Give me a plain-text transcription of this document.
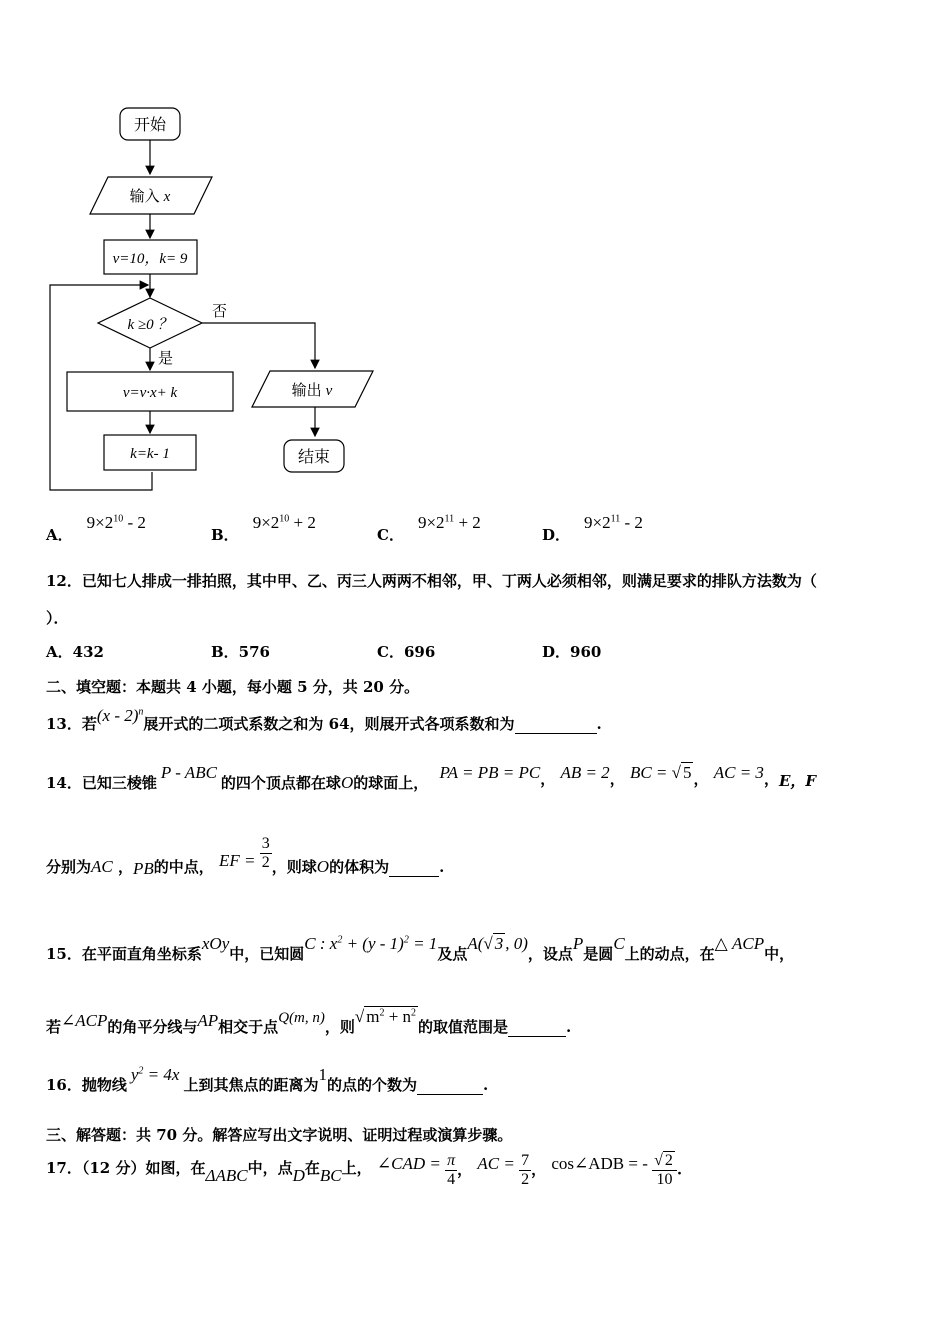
开始
输入 x
v=10，k= 9
k ≥0 ？
否
是
v=v·x+ k
k=k- 1
输出 v
结束
A．$9\times 2^{10} - 2$
B．$9\times 2^{10} + 2$
C．$9\times 2^{11} + 2$
D．$9\times 2^{11} - 2$
12．已知七人排成一排拍照，其中甲、乙、丙三人两两不相邻，甲、丁两人必须相邻，则满足要求的排队方法数为（
）．
A．432	B．576	C．696	D．960
二、填空题：本题共 4 小题，每小题 5 分，共 20 分。
13．若(x - 2)$^n$展开式的二项式系数之和为 64，则展开式各项系数和为	.
14．已知三棱锥P - ABC的四个顶点都在球O的球面上， PA = PB = PC， AB = 2， BC = √ 5 ， AC = 3，E，F
分别为AC ，PB的中点， EF = $\frac{3}{2}$ ，则球O的体积为	.
15．在平面直角坐标系xOy中，已知圆C : $x^2 + (y - 1)^2 = 1$及点A(√ 3 , 0)，设点P是圆C上的动点，在△ ACP中，
若∠ACP的角平分线与AP相交于点Q(m, n)，则√ $m^2 + n^2$的取值范围是	.
16．抛物线$y^2 = 4x$上到其焦点的距离为1的点的个数为	.
三、解答题：共 70 分。解答应写出文字说明、证明过程或演算步骤。
17．（12 分）如图，在ΔABC中，点D在BC上， ∠CAD = $\frac{\pi}{4}$ ， AC = $\frac{7}{2}$ ， cos∠ADB = - $\frac{√ 2}{10}$ .
